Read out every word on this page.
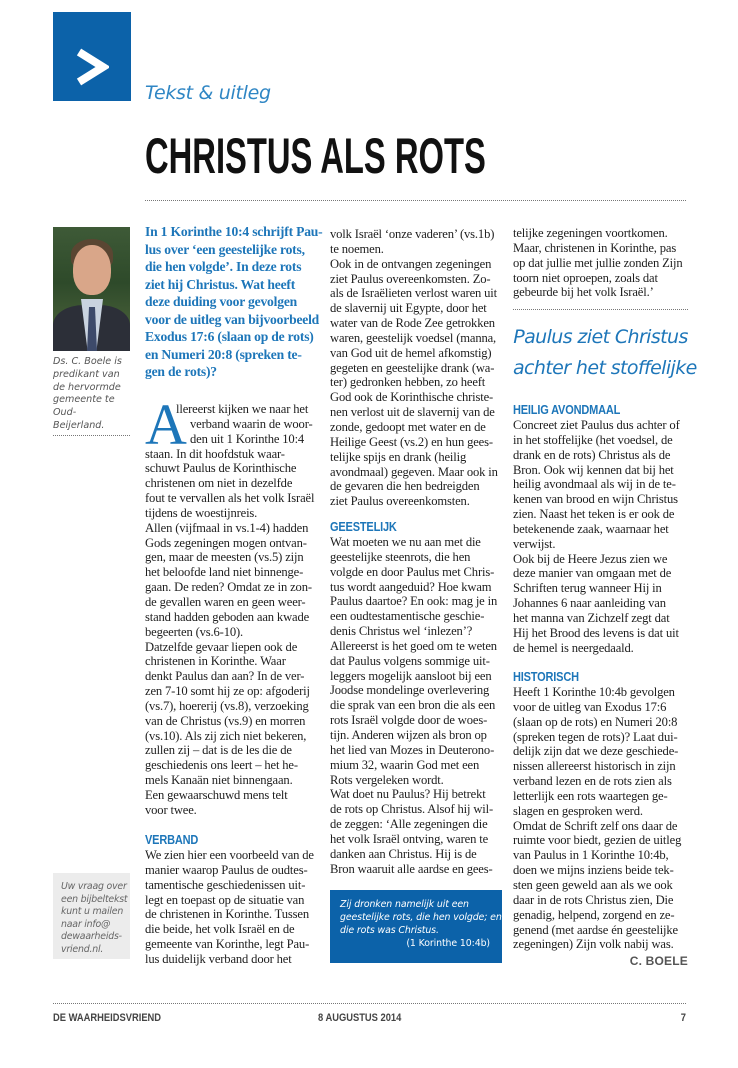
Tekst & uitleg
CHRISTUS ALS ROTS
Ds. C. Boele is
predikant van
de hervormde
gemeente te Oud-
Beijerland.
Uw vraag over
een bijbeltekst
kunt u mailen
naar info@
dewaarheids-
vriend.nl.
In 1 Korinthe 10:4 schrijft Pau-
lus over ‘een geestelijke rots,
die hen volgde’. In deze rots
ziet hij Christus. Wat heeft
deze duiding voor gevolgen
voor de uitleg van bijvoorbeeld
Exodus 17:6 (slaan op de rots)
en Numeri 20:8 (spreken te-
gen de rots)?
A
llereerst kijken we naar het
verband waarin de woor-
den uit 1 Korinthe 10:4
staan. In dit hoofdstuk waar-
schuwt Paulus de Korinthische
christenen om niet in dezelfde
fout te vervallen als het volk Israël
tijdens de woestijnreis.
Allen (vijfmaal in vs.1-4) hadden
Gods zegeningen mogen ontvan-
gen, maar de meesten (vs.5) zijn
het beloofde land niet binnenge-
gaan. De reden? Omdat ze in zon-
de gevallen waren en geen weer-
stand hadden geboden aan kwade
begeerten (vs.6-10).
Datzelfde gevaar liepen ook de
christenen in Korinthe. Waar
denkt Paulus dan aan? In de ver-
zen 7-10 somt hij ze op: afgoderij
(vs.7), hoererij (vs.8), verzoeking
van de Christus (vs.9) en morren
(vs.10). Als zij zich niet bekeren,
zullen zij – dat is de les die de
geschiedenis ons leert – het he-
mels Kanaän niet binnengaan.
Een gewaarschuwd mens telt
voor twee.
VERBAND
We zien hier een voorbeeld van de
manier waarop Paulus de oudtes-
tamentische geschiedenissen uit-
legt en toepast op de situatie van
de christenen in Korinthe. Tussen
die beide, het volk Israël en de
gemeente van Korinthe, legt Pau-
lus duidelijk verband door het
volk Israël ‘onze vaderen’ (vs.1b)
te noemen.
Ook in de ontvangen zegeningen
ziet Paulus overeenkomsten. Zo-
als de Israëlieten verlost waren uit
de slavernij uit Egypte, door het
water van de Rode Zee getrokken
waren, geestelijk voedsel (manna,
van God uit de hemel afkomstig)
gegeten en geestelijke drank (wa-
ter) gedronken hebben, zo heeft
God ook de Korinthische christe-
nen verlost uit de slavernij van de
zonde, gedoopt met water en de
Heilige Geest (vs.2) en hun gees-
telijke spijs en drank (heilig
avondmaal) gegeven. Maar ook in
de gevaren die hen bedreigden
ziet Paulus overeenkomsten.
GEESTELIJK
Wat moeten we nu aan met die
geestelijke steenrots, die hen
volgde en door Paulus met Chris-
tus wordt aangeduid? Hoe kwam
Paulus daartoe? En ook: mag je in
een oudtestamentische geschie-
denis Christus wel ‘inlezen’?
Allereerst is het goed om te weten
dat Paulus volgens sommige uit-
leggers mogelijk aansloot bij een
Joodse mondelinge overlevering
die sprak van een bron die als een
rots Israël volgde door de woes-
tijn. Anderen wijzen als bron op
het lied van Mozes in Deuterono-
mium 32, waarin God met een
Rots vergeleken wordt.
Wat doet nu Paulus? Hij betrekt
de rots op Christus. Alsof hij wil-
de zeggen: ‘Alle zegeningen die
het volk Israël ontving, waren te
danken aan Christus. Hij is de
Bron waaruit alle aardse en gees-
Zij dronken namelijk uit een
geestelijke rots, die hen volgde; en
die rots was Christus.
(1 Korinthe 10:4b)
telijke zegeningen voortkomen.
Maar, christenen in Korinthe, pas
op dat jullie met jullie zonden Zijn
toorn niet oproepen, zoals dat
gebeurde bij het volk Israël.’
Paulus ziet Christus
achter het stoffelijke
HEILIG AVONDMAAL
Concreet ziet Paulus dus achter of
in het stoffelijke (het voedsel, de
drank en de rots) Christus als de
Bron. Ook wij kennen dat bij het
heilig avondmaal als wij in de te-
kenen van brood en wijn Christus
zien. Naast het teken is er ook de
betekenende zaak, waarnaar het
verwijst.
Ook bij de Heere Jezus zien we
deze manier van omgaan met de
Schriften terug wanneer Hij in
Johannes 6 naar aanleiding van
het manna van Zichzelf zegt dat
Hij het Brood des levens is dat uit
de hemel is neergedaald.
HISTORISCH
Heeft 1 Korinthe 10:4b gevolgen
voor de uitleg van Exodus 17:6
(slaan op de rots) en Numeri 20:8
(spreken tegen de rots)? Laat dui-
delijk zijn dat we deze geschiede-
nissen allereerst historisch in zijn
verband lezen en de rots zien als
letterlijk een rots waartegen ge-
slagen en gesproken werd.
Omdat de Schrift zelf ons daar de
ruimte voor biedt, gezien de uitleg
van Paulus in 1 Korinthe 10:4b,
doen we mijns inziens beide tek-
sten geen geweld aan als we ook
daar in de rots Christus zien, Die
genadig, helpend, zorgend en ze-
genend (met aardse én geestelijke
zegeningen) Zijn volk nabij was.
C. BOELE
DE WAARHEIDSVRIEND	8 AUGUSTUS 2014	7
